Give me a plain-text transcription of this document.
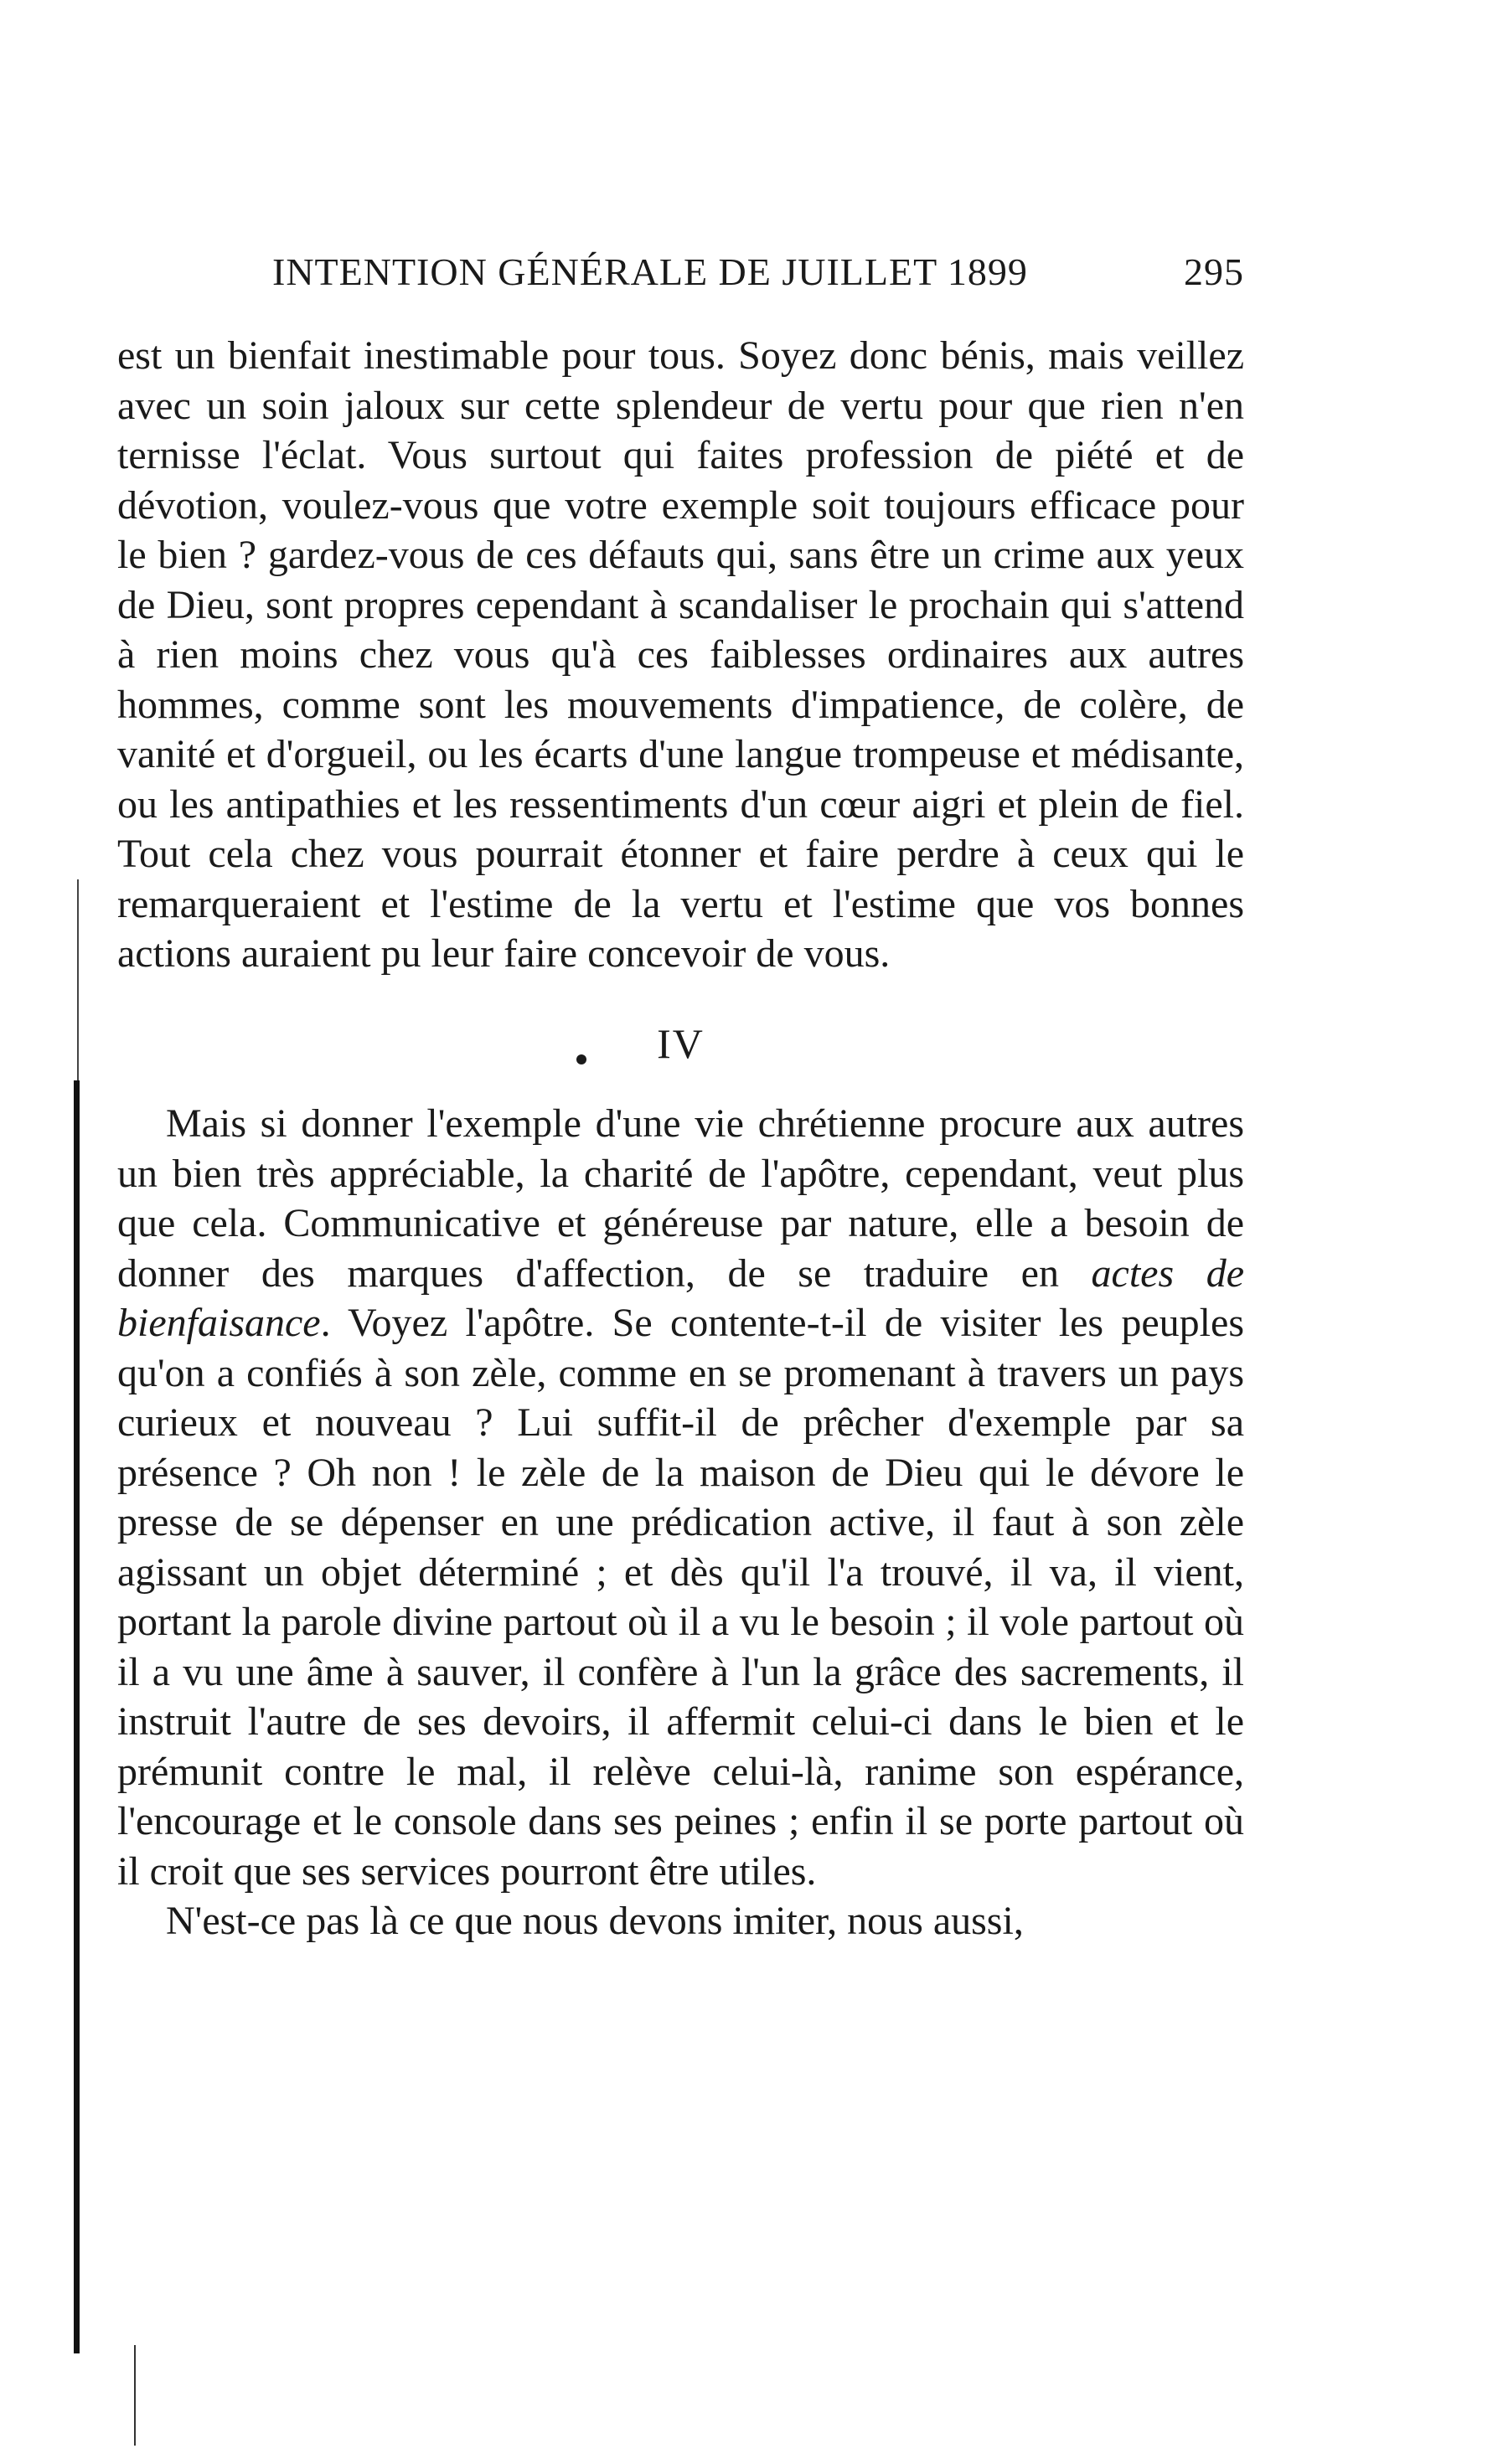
INTENTION GÉNÉRALE DE JUILLET 1899	295

est un bienfait inestimable pour tous. Soyez donc bénis, mais veillez avec un soin jaloux sur cette splendeur de vertu pour que rien n'en ternisse l'éclat. Vous surtout qui faites profession de piété et de dévotion, voulez-vous que votre exemple soit toujours efficace pour le bien ? gardez-vous de ces défauts qui, sans être un crime aux yeux de Dieu, sont propres cependant à scandaliser le prochain qui s'attend à rien moins chez vous qu'à ces faiblesses ordinaires aux autres hommes, comme sont les mouvements d'impatience, de colère, de vanité et d'orgueil, ou les écarts d'une langue trompeuse et médisante, ou les antipathies et les ressentiments d'un cœur aigri et plein de fiel. Tout cela chez vous pourrait étonner et faire perdre à ceux qui le remarqueraient et l'estime de la vertu et l'estime que vos bonnes actions auraient pu leur faire concevoir de vous.

IV

Mais si donner l'exemple d'une vie chrétienne procure aux autres un bien très appréciable, la charité de l'apôtre, cependant, veut plus que cela. Communicative et généreuse par nature, elle a besoin de donner des marques d'affection, de se traduire en actes de bienfaisance. Voyez l'apôtre. Se contente-t-il de visiter les peuples qu'on a confiés à son zèle, comme en se promenant à travers un pays curieux et nouveau ? Lui suffit-il de prêcher d'exemple par sa présence ? Oh non ! le zèle de la maison de Dieu qui le dévore le presse de se dépenser en une prédication active, il faut à son zèle agissant un objet déterminé ; et dès qu'il l'a trouvé, il va, il vient, portant la parole divine partout où il a vu le besoin ; il vole partout où il a vu une âme à sauver, il confère à l'un la grâce des sacrements, il instruit l'autre de ses devoirs, il affermit celui-ci dans le bien et le prémunit contre le mal, il relève celui-là, ranime son espérance, l'encourage et le console dans ses peines ; enfin il se porte partout où il croit que ses services pourront être utiles.

N'est-ce pas là ce que nous devons imiter, nous aussi,
